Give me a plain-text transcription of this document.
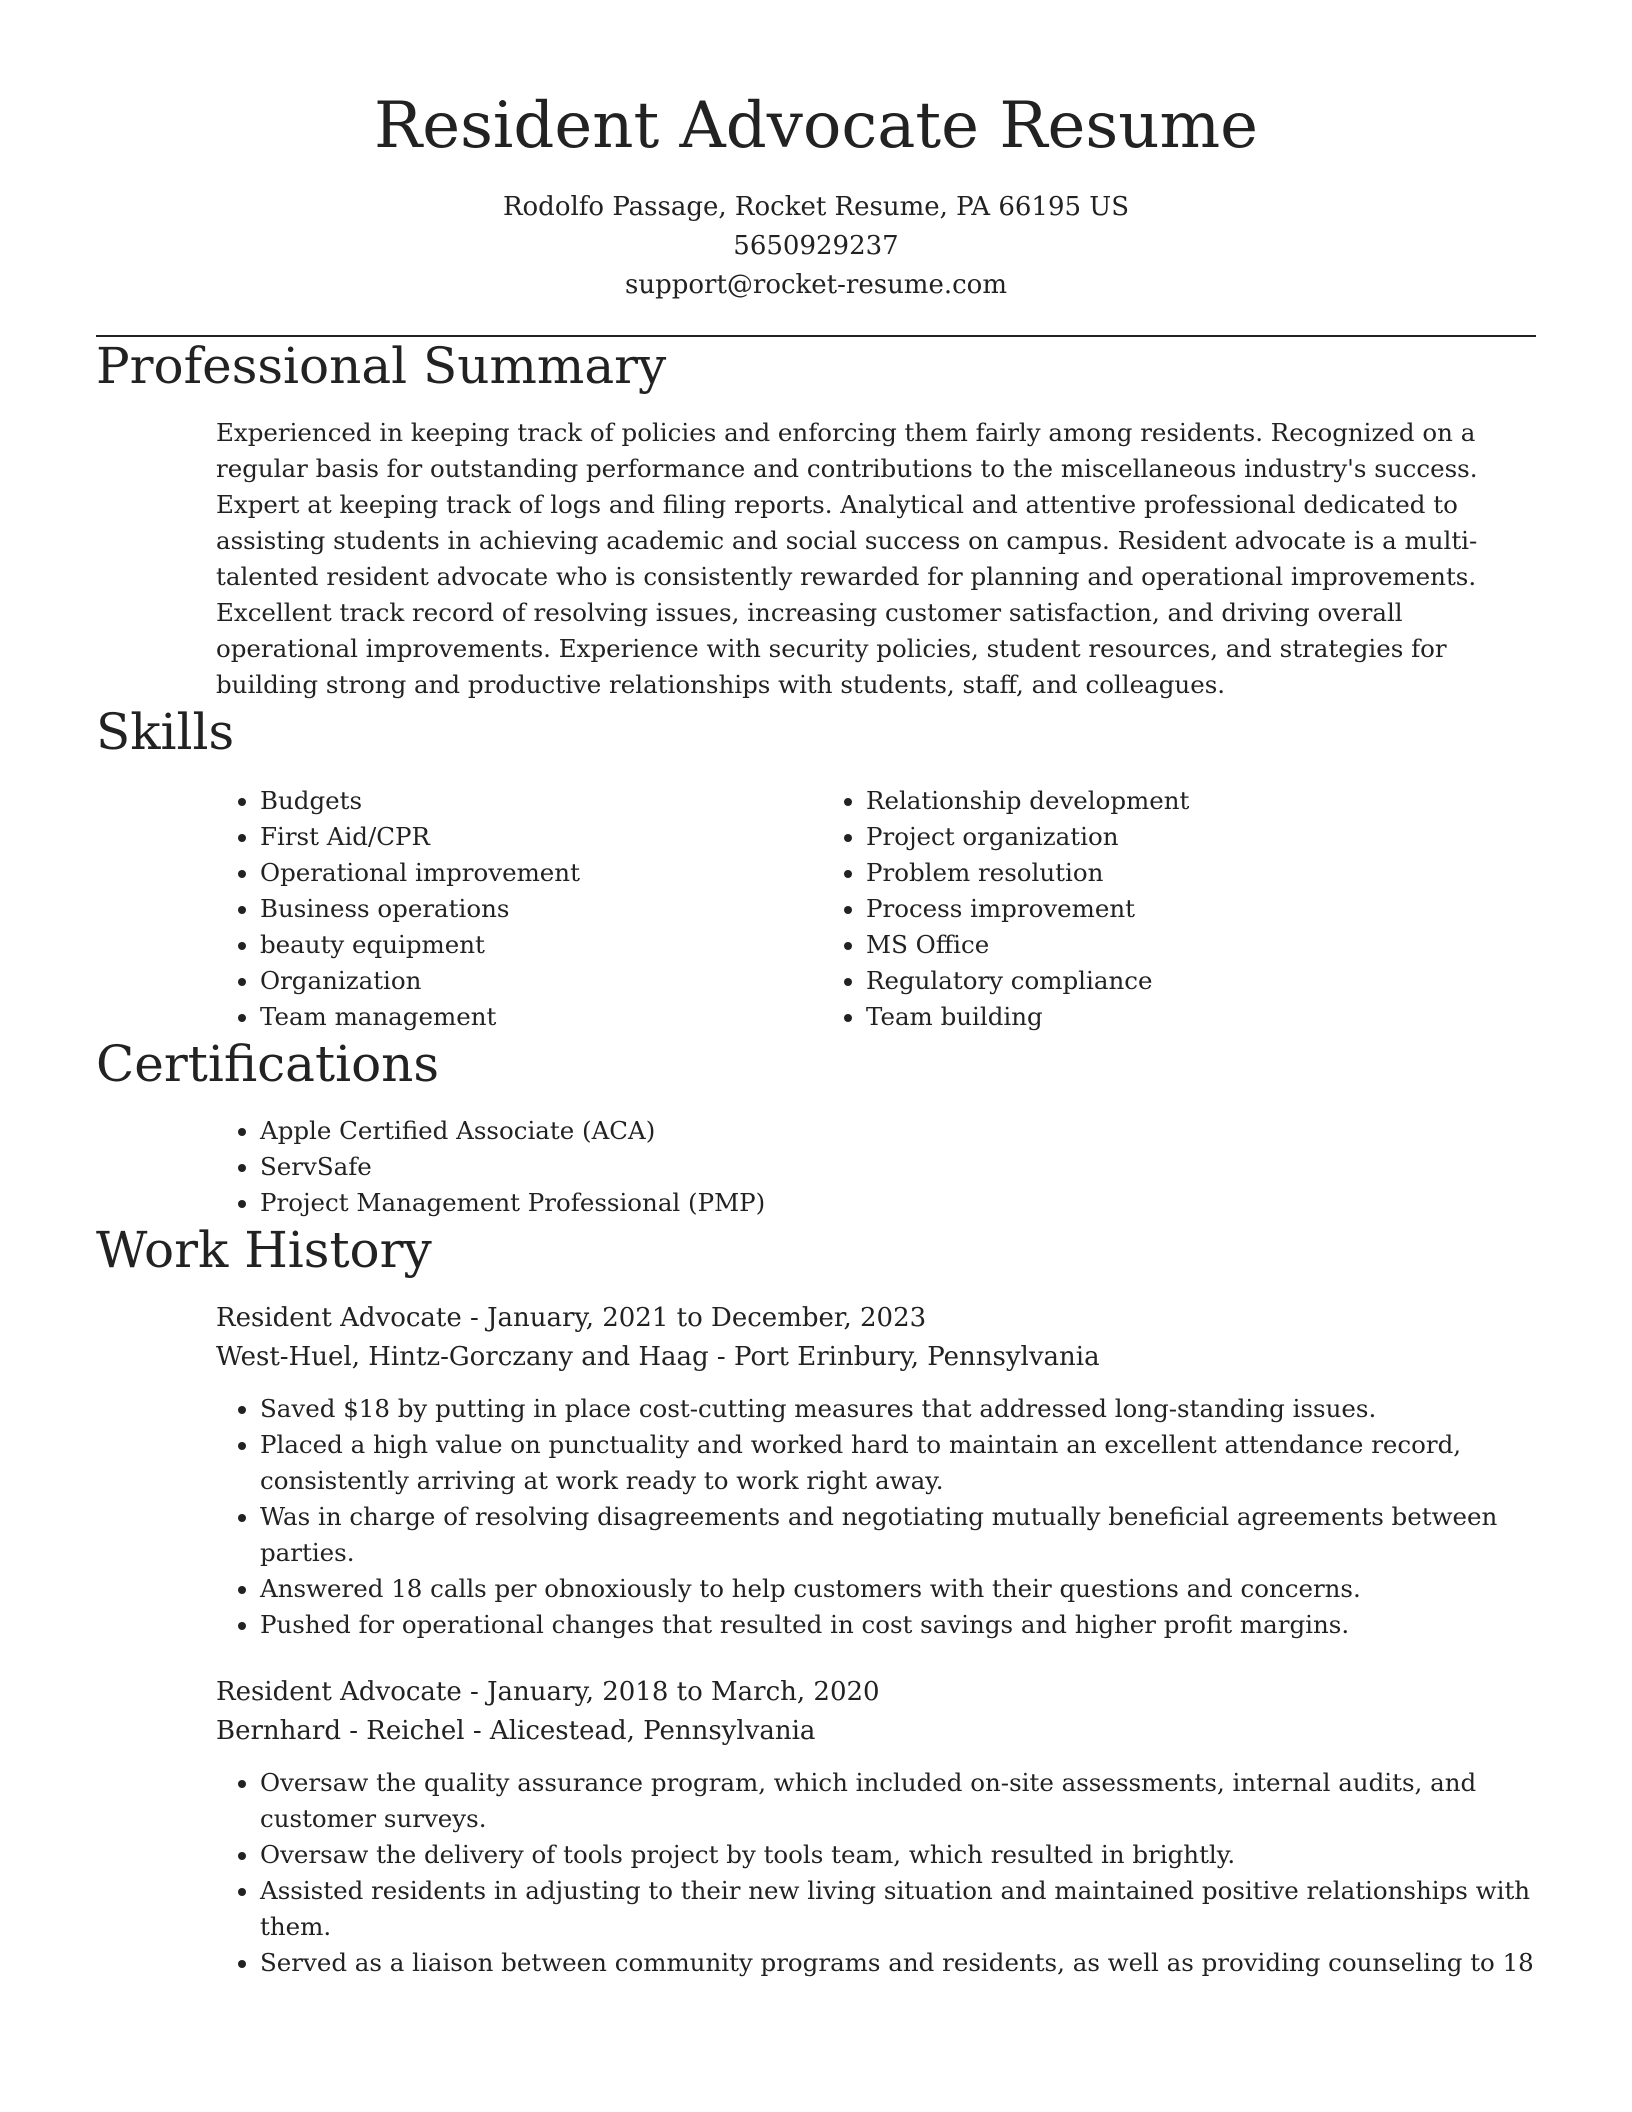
Resident Advocate Resume
Rodolfo Passage, Rocket Resume, PA 66195 US
5650929237
support@rocket-resume.com
Professional Summary

Experienced in keeping track of policies and enforcing them fairly among residents. Recognized on a regular basis for outstanding performance and contributions to the miscellaneous industry's success. Expert at keeping track of logs and filing reports. Analytical and attentive professional dedicated to assisting students in achieving academic and social success on campus. Resident advocate is a multi-talented resident advocate who is consistently rewarded for planning and operational improvements. Excellent track record of resolving issues, increasing customer satisfaction, and driving overall operational improvements. Experience with security policies, student resources, and strategies for building strong and productive relationships with students, staff, and colleagues.

Skills
• Budgets
• First Aid/CPR
• Operational improvement
• Business operations
• beauty equipment
• Organization
• Team management
• Relationship development
• Project organization
• Problem resolution
• Process improvement
• MS Office
• Regulatory compliance
• Team building
Certifications
• Apple Certified Associate (ACA)
• ServSafe
• Project Management Professional (PMP)
Work History
Resident Advocate - January, 2021 to December, 2023
West-Huel, Hintz-Gorczany and Haag - Port Erinbury, Pennsylvania
• Saved $18 by putting in place cost-cutting measures that addressed long-standing issues.
• Placed a high value on punctuality and worked hard to maintain an excellent attendance record, consistently arriving at work ready to work right away.
• Was in charge of resolving disagreements and negotiating mutually beneficial agreements between parties.
• Answered 18 calls per obnoxiously to help customers with their questions and concerns.
• Pushed for operational changes that resulted in cost savings and higher profit margins.
Resident Advocate - January, 2018 to March, 2020
Bernhard - Reichel - Alicestead, Pennsylvania
• Oversaw the quality assurance program, which included on-site assessments, internal audits, and customer surveys.
• Oversaw the delivery of tools project by tools team, which resulted in brightly.
• Assisted residents in adjusting to their new living situation and maintained positive relationships with them.
• Served as a liaison between community programs and residents, as well as providing counseling to 18
